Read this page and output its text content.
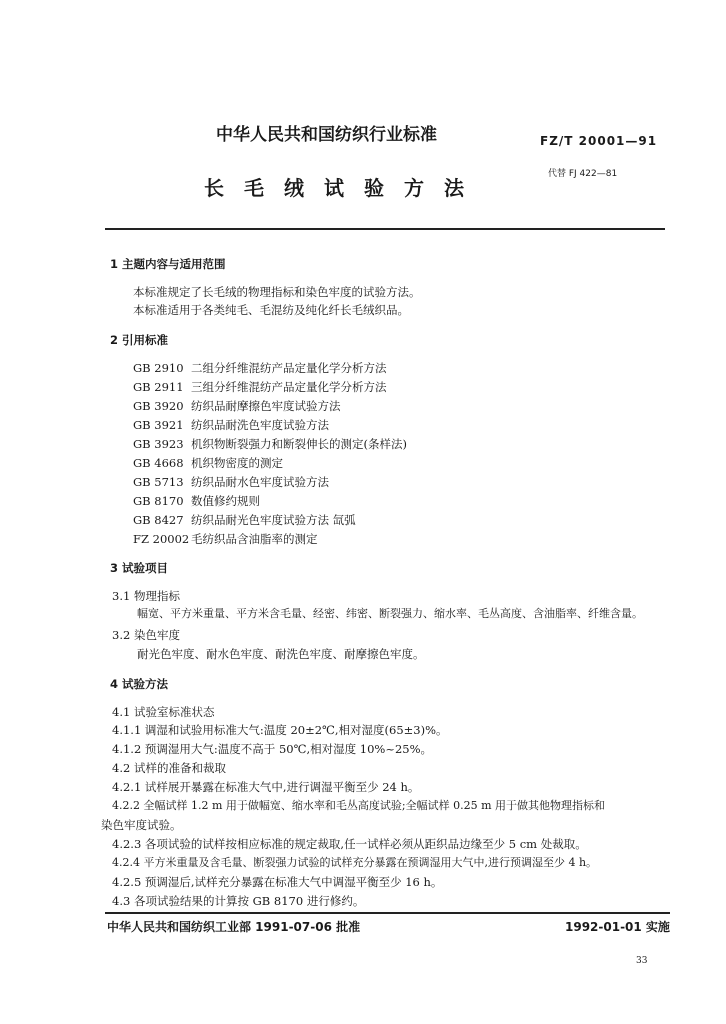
中华人民共和国纺织行业标准	FZ/T 20001—91
长毛绒试验方法
代替 FJ 422—81
1 主题内容与适用范围
本标准规定了长毛绒的物理指标和染色牢度的试验方法。
本标准适用于各类纯毛、毛混纺及纯化纤长毛绒织品。
2 引用标准
GB 2910 二组分纤维混纺产品定量化学分析方法
GB 2911 三组分纤维混纺产品定量化学分析方法
GB 3920 纺织品耐摩擦色牢度试验方法
GB 3921 纺织品耐洗色牢度试验方法
GB 3923 机织物断裂强力和断裂伸长的测定(条样法)
GB 4668 机织物密度的测定
GB 5713 纺织品耐水色牢度试验方法
GB 8170 数值修约规则
GB 8427 纺织品耐光色牢度试验方法 氙弧
FZ 20002 毛纺织品含油脂率的测定
3 试验项目
3.1 物理指标
幅宽、平方米重量、平方米含毛量、经密、纬密、断裂强力、缩水率、毛丛高度、含油脂率、纤维含量。
3.2 染色牢度
耐光色牢度、耐水色牢度、耐洗色牢度、耐摩擦色牢度。
4 试验方法
4.1 试验室标准状态
4.1.1 调湿和试验用标准大气:温度 20±2℃,相对湿度(65±3)%。
4.1.2 预调湿用大气:温度不高于 50℃,相对湿度 10%~25%。
4.2 试样的准备和裁取
4.2.1 试样展开暴露在标准大气中,进行调湿平衡至少 24 h。
4.2.2 全幅试样 1.2 m 用于做幅宽、缩水率和毛丛高度试验;全幅试样 0.25 m 用于做其他物理指标和
染色牢度试验。
4.2.3 各项试验的试样按相应标准的规定裁取,任一试样必须从距织品边缘至少 5 cm 处裁取。
4.2.4 平方米重量及含毛量、断裂强力试验的试样充分暴露在预调湿用大气中,进行预调湿至少 4 h。
4.2.5 预调湿后,试样充分暴露在标准大气中调湿平衡至少 16 h。
4.3 各项试验结果的计算按 GB 8170 进行修约。
中华人民共和国纺织工业部 1991-07-06 批准	1992-01-01 实施
33
